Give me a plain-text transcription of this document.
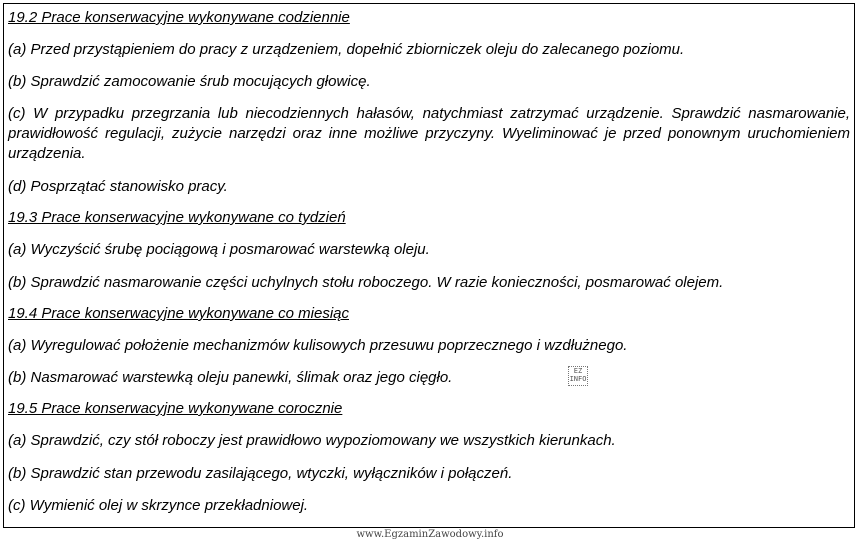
19.2 Prace konserwacyjne wykonywane codziennie
(a) Przed przystąpieniem do pracy z urządzeniem, dopełnić zbiorniczek oleju do zalecanego poziomu.
(b) Sprawdzić zamocowanie śrub mocujących głowicę.
(c) W przypadku przegrzania lub niecodziennych hałasów, natychmiast zatrzymać urządzenie. Sprawdzić nasmarowanie, prawidłowość regulacji, zużycie narzędzi oraz inne możliwe przyczyny. Wyeliminować je przed ponownym uruchomieniem urządzenia.
(d) Posprzątać stanowisko pracy.
19.3 Prace konserwacyjne wykonywane co tydzień
(a) Wyczyścić śrubę pociągową i posmarować warstewką oleju.
(b) Sprawdzić nasmarowanie części uchylnych stołu roboczego. W razie konieczności, posmarować olejem.
19.4 Prace konserwacyjne wykonywane co miesiąc
(a) Wyregulować położenie mechanizmów kulisowych przesuwu poprzecznego i wzdłużnego.
(b) Nasmarować warstewką oleju panewki, ślimak oraz jego cięgło.
19.5 Prace konserwacyjne wykonywane corocznie
(a) Sprawdzić, czy stół roboczy jest prawidłowo wypoziomowany we wszystkich kierunkach.
(b) Sprawdzić stan przewodu zasilającego, wtyczki, wyłączników i połączeń.
(c) Wymienić olej w skrzynce przekładniowej.
EZ
INFO
www.EgzaminZawodowy.info
